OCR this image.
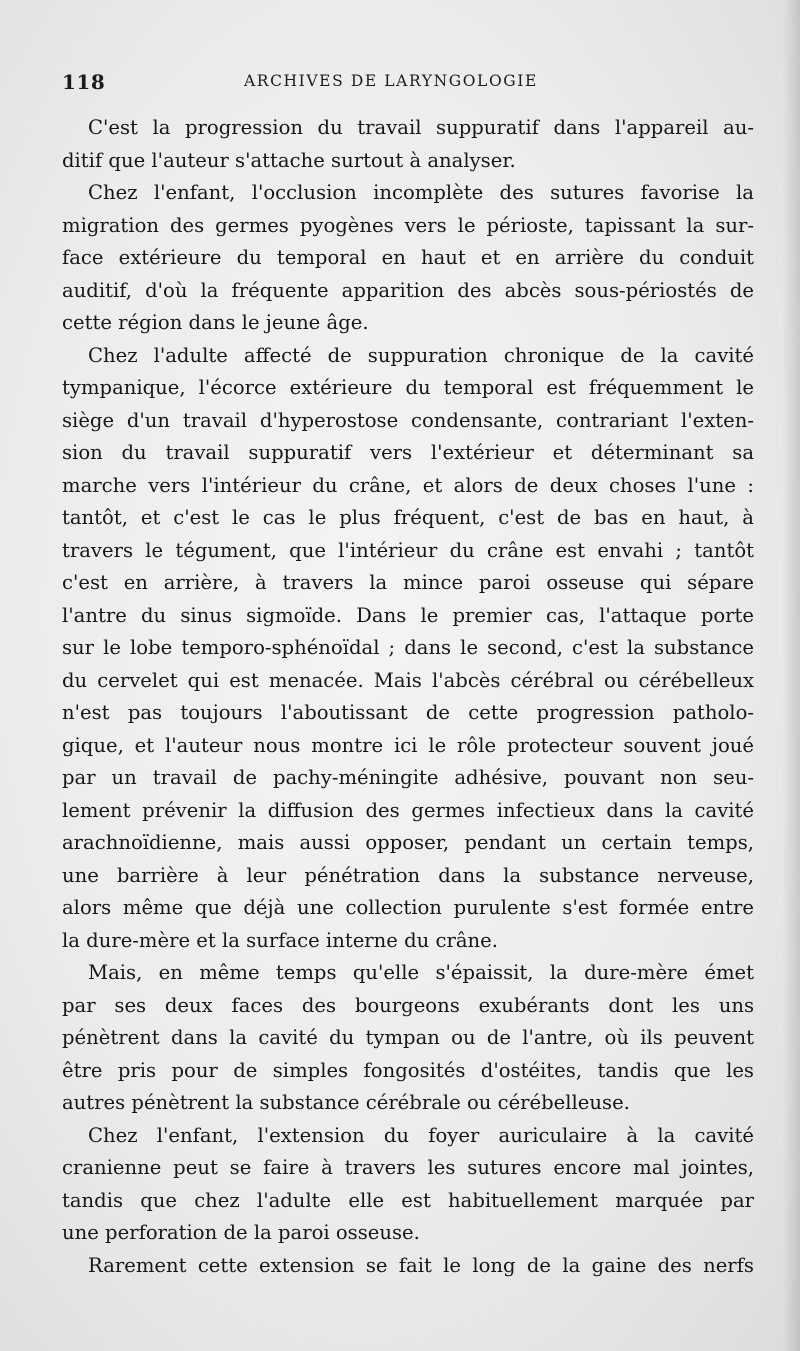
118	ARCHIVES DE LARYNGOLOGIE
C'est la progression du travail suppuratif dans l'appareil au-
ditif que l'auteur s'attache surtout à analyser.
Chez l'enfant, l'occlusion incomplète des sutures favorise la
migration des germes pyogènes vers le périoste, tapissant la sur-
face extérieure du temporal en haut et en arrière du conduit
auditif, d'où la fréquente apparition des abcès sous-périostés de
cette région dans le jeune âge.
Chez l'adulte affecté de suppuration chronique de la cavité
tympanique, l'écorce extérieure du temporal est fréquemment le
siège d'un travail d'hyperostose condensante, contrariant l'exten-
sion du travail suppuratif vers l'extérieur et déterminant sa
marche vers l'intérieur du crâne, et alors de deux choses l'une :
tantôt, et c'est le cas le plus fréquent, c'est de bas en haut, à
travers le tégument, que l'intérieur du crâne est envahi ; tantôt
c'est en arrière, à travers la mince paroi osseuse qui sépare
l'antre du sinus sigmoïde. Dans le premier cas, l'attaque porte
sur le lobe temporo-sphénoïdal ; dans le second, c'est la substance
du cervelet qui est menacée. Mais l'abcès cérébral ou cérébelleux
n'est pas toujours l'aboutissant de cette progression patholo-
gique, et l'auteur nous montre ici le rôle protecteur souvent joué
par un travail de pachy-méningite adhésive, pouvant non seu-
lement prévenir la diffusion des germes infectieux dans la cavité
arachnoïdienne, mais aussi opposer, pendant un certain temps,
une barrière à leur pénétration dans la substance nerveuse,
alors même que déjà une collection purulente s'est formée entre
la dure-mère et la surface interne du crâne.
Mais, en même temps qu'elle s'épaissit, la dure-mère émet
par ses deux faces des bourgeons exubérants dont les uns
pénètrent dans la cavité du tympan ou de l'antre, où ils peuvent
être pris pour de simples fongosités d'ostéites, tandis que les
autres pénètrent la substance cérébrale ou cérébelleuse.
Chez l'enfant, l'extension du foyer auriculaire à la cavité
cranienne peut se faire à travers les sutures encore mal jointes,
tandis que chez l'adulte elle est habituellement marquée par
une perforation de la paroi osseuse.
Rarement cette extension se fait le long de la gaine des nerfs
